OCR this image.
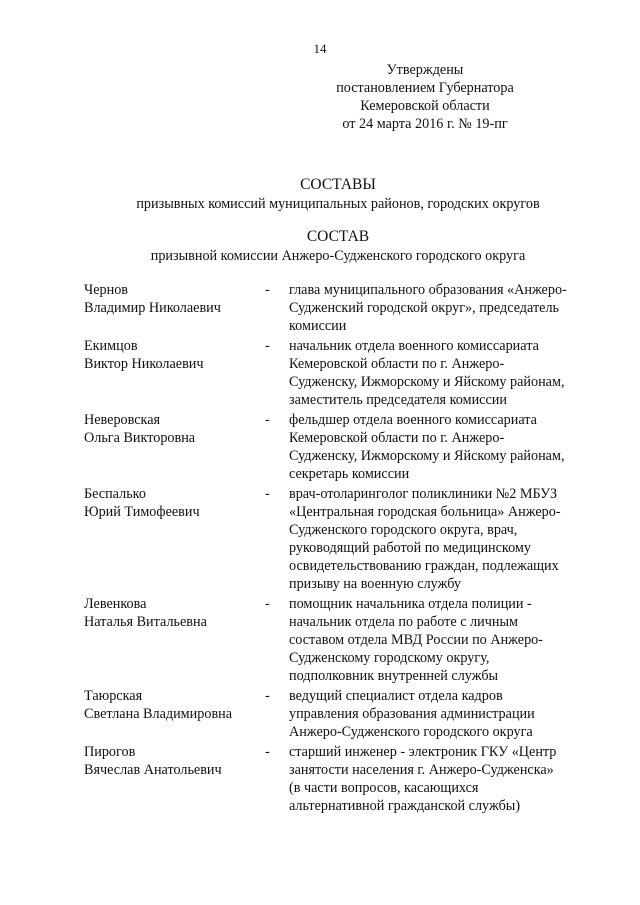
14
Утверждены
постановлением Губернатора
Кемеровской области
от 24 марта 2016 г. № 19-пг
СОСТАВЫ
призывных комиссий муниципальных районов, городских округов
СОСТАВ
призывной комиссии Анжеро-Судженского городского округа
Чернов
Владимир Николаевич
-	глава муниципального образования «Анжеро-
Судженский городской округ», председатель
комиссии
Екимцов
Виктор Николаевич
-	начальник отдела военного комиссариата
Кемеровской области по г. Анжеро-
Судженску, Ижморскому и Яйскому районам,
заместитель председателя комиссии
Неверовская
Ольга Викторовна
-	фельдшер отдела военного комиссариата
Кемеровской области по г. Анжеро-
Судженску, Ижморскому и Яйскому районам,
секретарь комиссии
Беспалько
Юрий Тимофеевич
-	врач-отоларинголог поликлиники №2 МБУЗ
«Центральная городская больница» Анжеро-
Судженского городского округа, врач,
руководящий работой по медицинскому
освидетельствованию граждан, подлежащих
призыву на военную службу
Левенкова
Наталья Витальевна
-	помощник начальника отдела полиции -
начальник отдела по работе с личным
составом отдела МВД России по Анжеро-
Судженскому городскому округу,
подполковник внутренней службы
Таюрская
Светлана Владимировна
-	ведущий специалист отдела кадров
управления образования администрации
Анжеро-Судженского городского округа
Пирогов
Вячеслав Анатольевич
-	старший инженер - электроник ГКУ «Центр
занятости населения г. Анжеро-Судженска»
(в части вопросов, касающихся
альтернативной гражданской службы)
